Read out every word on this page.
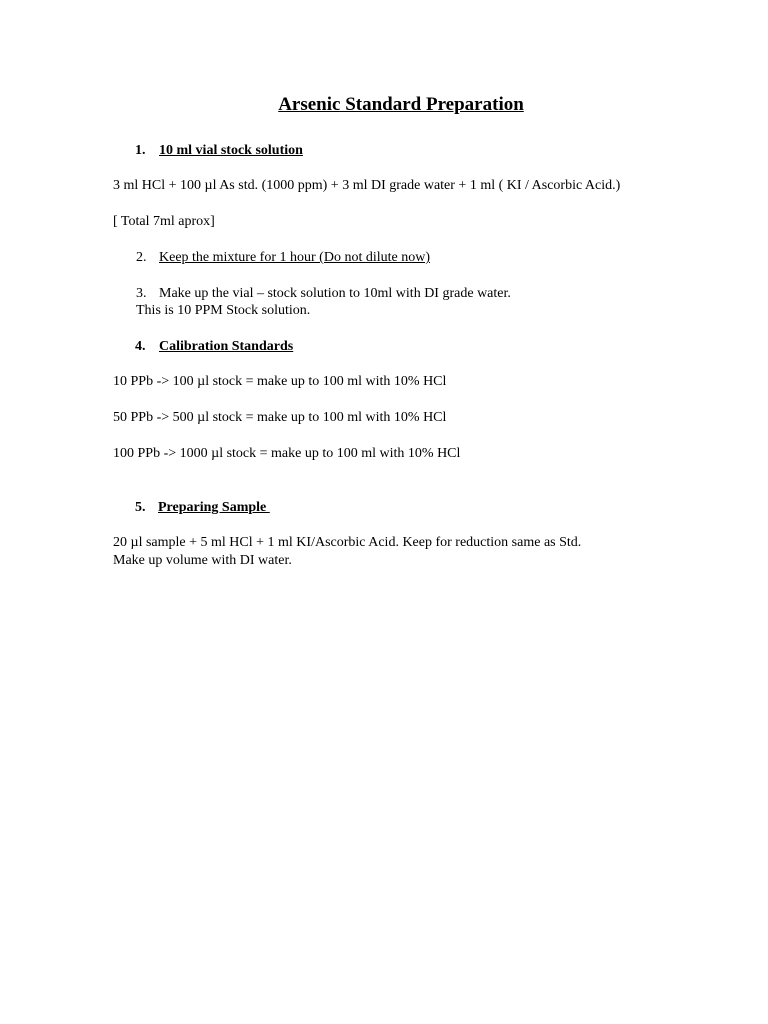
Arsenic Standard Preparation
1. 10 ml vial stock solution
3 ml HCl + 100 µl As std. (1000 ppm) + 3 ml DI grade water + 1 ml ( KI / Ascorbic Acid.)
[ Total 7ml aprox]
2. Keep the mixture for 1 hour (Do not dilute now)
3. Make up the vial – stock solution to 10ml with DI grade water.
This is 10 PPM Stock solution.
4. Calibration Standards
10 PPb -> 100 µl stock = make up to 100 ml with 10% HCl
50 PPb -> 500 µl stock = make up to 100 ml with 10% HCl
100 PPb -> 1000 µl stock = make up to 100 ml with 10% HCl
5. Preparing Sample
20 µl sample + 5 ml HCl + 1 ml KI/Ascorbic Acid. Keep for reduction same as Std.
Make up volume with DI water.
